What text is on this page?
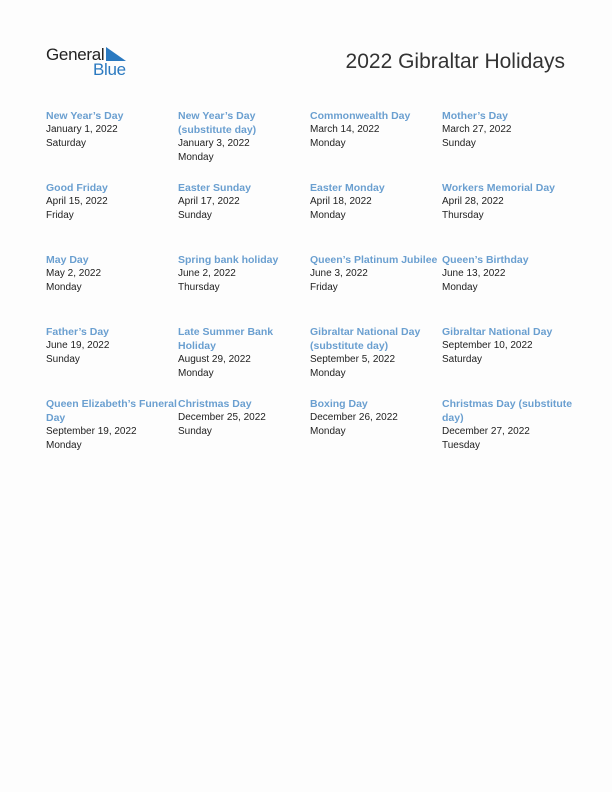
General
Blue	2022 Gibraltar Holidays
New Year’s Day
January 1, 2022
Saturday
New Year’s Day (substitute day)
January 3, 2022
Monday
Commonwealth Day
March 14, 2022
Monday
Mother’s Day
March 27, 2022
Sunday
Good Friday
April 15, 2022
Friday
Easter Sunday
April 17, 2022
Sunday
Easter Monday
April 18, 2022
Monday
Workers Memorial Day
April 28, 2022
Thursday
May Day
May 2, 2022
Monday
Spring bank holiday
June 2, 2022
Thursday
Queen’s Platinum Jubilee
June 3, 2022
Friday
Queen’s Birthday
June 13, 2022
Monday
Father’s Day
June 19, 2022
Sunday
Late Summer Bank Holiday
August 29, 2022
Monday
Gibraltar National Day (substitute day)
September 5, 2022
Monday
Gibraltar National Day
September 10, 2022
Saturday
Queen Elizabeth’s Funeral Day
September 19, 2022
Monday
Christmas Day
December 25, 2022
Sunday
Boxing Day
December 26, 2022
Monday
Christmas Day (substitute day)
December 27, 2022
Tuesday
